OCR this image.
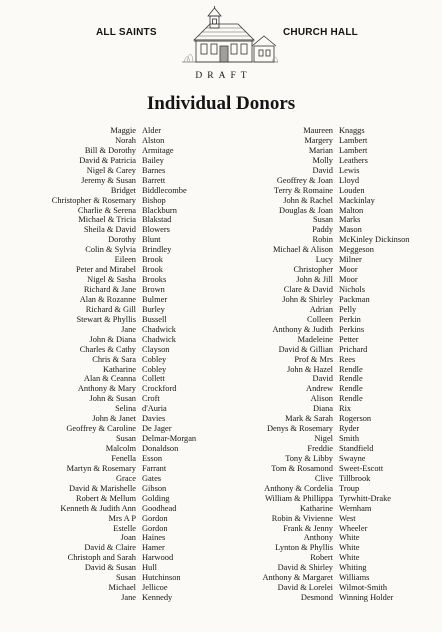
ALL SAINTS	CHURCH HALL
DRAFT
Individual Donors
Maggie Alder
Norah Alston
Bill & Dorothy Armitage
David & Patricia Bailey
Nigel & Carey Barnes
Jeremy & Susan Barrett
Bridget Biddlecombe
Christopher & Rosemary Bishop
Charlie & Serena Blackburn
Michael & Tricia Blakstad
Sheila & David Blowers
Dorothy Blunt
Colin & Sylvia Brindley
Eileen Brook
Peter and Mirabel Brook
Nigel & Sasha Brooks
Richard & Jane Brown
Alan & Rozanne Bulmer
Richard & Gill Burley
Stewart & Phyllis Bussell
Jane Chadwick
John & Diana Chadwick
Charles & Cathy Clayson
Chris & Sara Cobley
Katharine Cobley
Alan & Ceanna Collett
Anthony & Mary Crockford
John & Susan Croft
Selina d'Auria
John & Janet Davies
Geoffrey & Caroline De Jager
Susan Delmar-Morgan
Malcolm Donaldson
Fenella Esson
Martyn & Rosemary Farrant
Grace Gates
David & Marishelle Gibson
Robert & Mellum Golding
Kenneth & Judith Ann Goodhead
Mrs A P Gordon
Estelle Gordon
Joan Haines
David & Claire Hamer
Christoph and Sarah Harwood
David & Susan Hull
Susan Hutchinson
Michael Jellicoe
Jane Kennedy
Maureen Knaggs
Margery Lambert
Marian Lambert
Molly Leathers
David Lewis
Geoffrey & Joan Lloyd
Terry & Romaine Louden
John & Rachel Mackinlay
Douglas & Joan Malton
Susan Marks
Paddy Mason
Robin McKinley Dickinson
Michael & Alison Meggeson
Lucy Milner
Christopher Moor
John & Jill Moor
Clare & David Nichols
John & Shirley Packman
Adrian Pelly
Colleen Perkin
Anthony & Judith Perkins
Madeleine Petter
David & Gillian Prichard
Prof & Mrs Rees
John & Hazel Rendle
David Rendle
Andrew Rendle
Alison Rendle
Diana Rix
Mark & Sarah Rogerson
Denys & Rosemary Ryder
Nigel Smith
Freddie Standfield
Tony & Libby Swayne
Tom & Rosamond Sweet-Escott
Clive Tillbrook
Anthony & Cordelia Troup
William & Phillippa Tyrwhitt-Drake
Katharine Wernham
Robin & Vivienne West
Frank & Jenny Wheeler
Anthony White
Lynton & Phyllis White
Robert White
David & Shirley Whiting
Anthony & Margaret Williams
David & Lorelei Wilmot-Smith
Desmond Winning Holder
